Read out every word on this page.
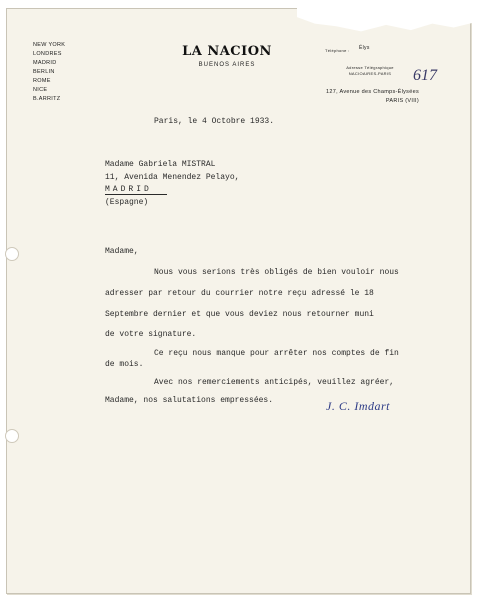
NEW YORK
LONDRES
MADRID
BERLIN
ROME
NICE
B.ARRITZ
LA NACION
BUENOS AIRES
Téléphone : Élys
Adresse Télégraphique
NACIOAIRES-PARIS	617
127, Avenue des Champs-Élysées
PARIS (VIII)
Paris, le 4 Octobre 1933.
Madame Gabriela MISTRAL
11, Avenida Menendez Pelayo,
MADRID
(Espagne)
Madame,
Nous vous serions très obligés de bien vouloir nous
adresser par retour du courrier notre reçu adressé le 18
Septembre dernier et que vous deviez nous retourner muni
de votre signature.
Ce reçu nous manque pour arrêter nos comptes de fin
de mois.
Avec nos remerciements anticipés, veuillez agréer,
Madame, nos salutations empressées.	J. C. Imdart
